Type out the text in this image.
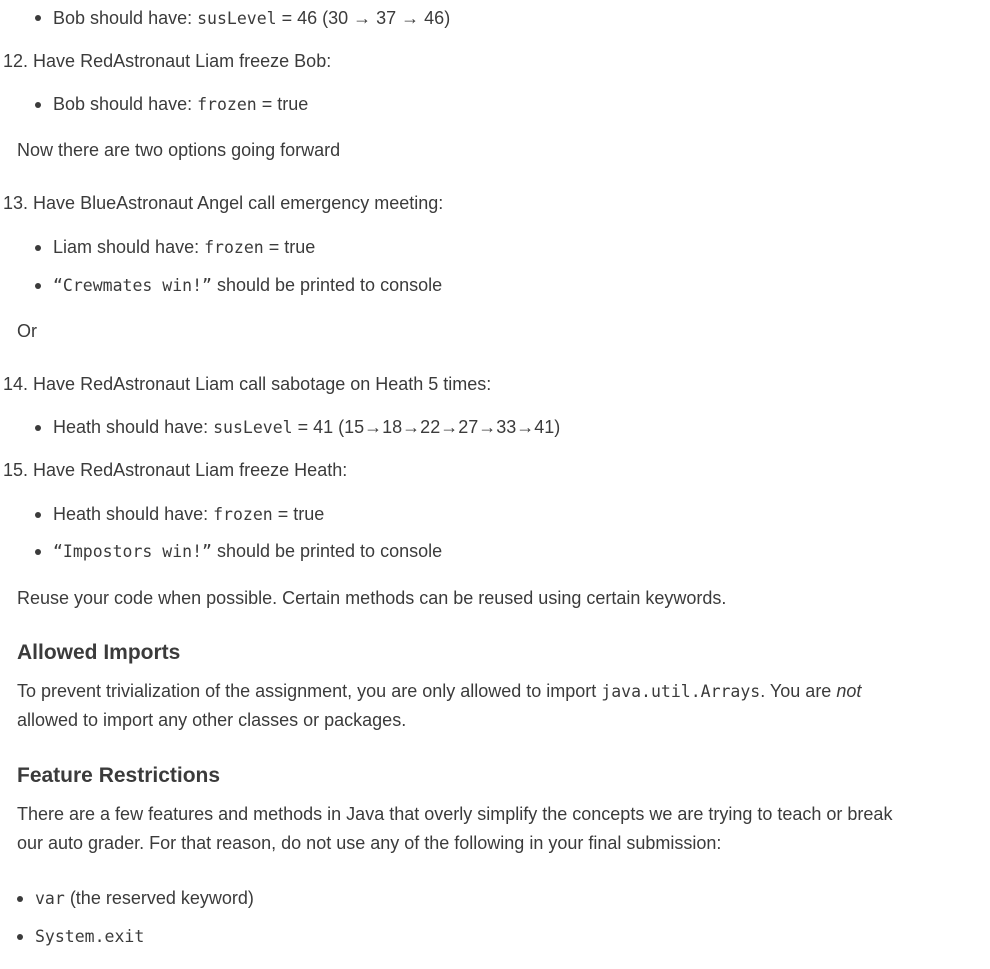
Bob should have: susLevel = 46 (30 → 37 → 46)
12. Have RedAstronaut Liam freeze Bob:
Bob should have: frozen = true
Now there are two options going forward
13. Have BlueAstronaut Angel call emergency meeting:
Liam should have: frozen = true
“Crewmates win!” should be printed to console
Or
14. Have RedAstronaut Liam call sabotage on Heath 5 times:
Heath should have: susLevel = 41 (15→18→22→27→33→41)
15. Have RedAstronaut Liam freeze Heath:
Heath should have: frozen = true
“Impostors win!” should be printed to console
Reuse your code when possible. Certain methods can be reused using certain keywords.
Allowed Imports
To prevent trivialization of the assignment, you are only allowed to import java.util.Arrays. You are not
allowed to import any other classes or packages.
Feature Restrictions
There are a few features and methods in Java that overly simplify the concepts we are trying to teach or break
our auto grader. For that reason, do not use any of the following in your final submission:
var (the reserved keyword)
System.exit
